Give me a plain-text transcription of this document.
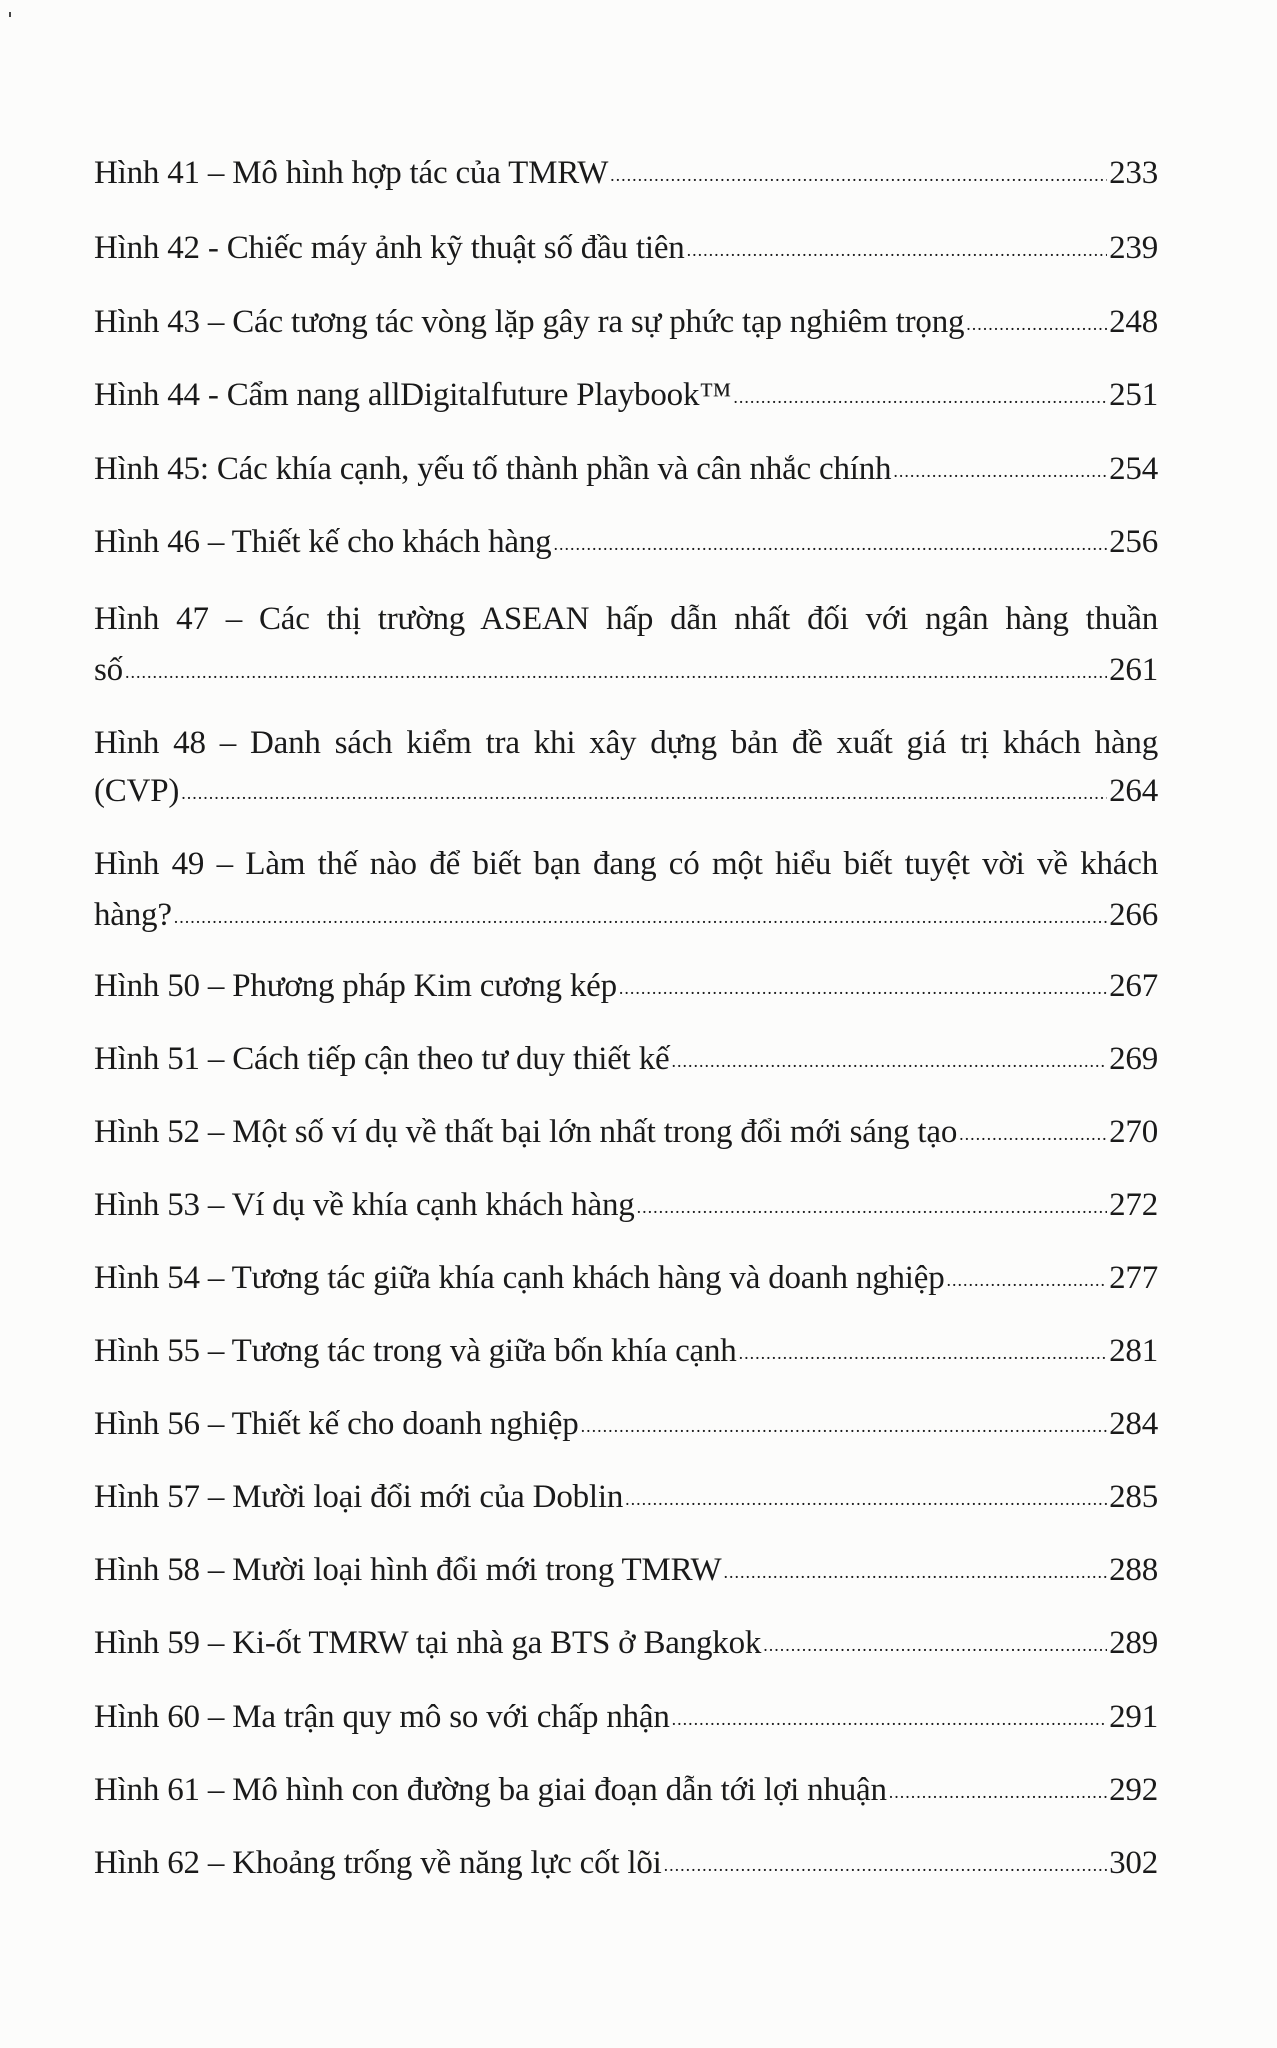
Hình 41 – Mô hình hợp tác của TMRW .....	233
Hình 42 - Chiếc máy ảnh kỹ thuật số đầu tiên .....	239
Hình 43 – Các tương tác vòng lặp gây ra sự phức tạp nghiêm trọng .....	248
Hình 44 - Cẩm nang allDigitalfuture Playbook™ .....	251
Hình 45: Các khía cạnh, yếu tố thành phần và cân nhắc chính .....	254
Hình 46 – Thiết kế cho khách hàng .....	256
Hình 47 – Các thị trường ASEAN hấp dẫn nhất đối với ngân hàng thuần
số .....	261
Hình 48 – Danh sách kiểm tra khi xây dựng bản đề xuất giá trị khách hàng
(CVP) .....	264
Hình 49 – Làm thế nào để biết bạn đang có một hiểu biết tuyệt vời về khách
hàng? .....	266
Hình 50 – Phương pháp Kim cương kép .....	267
Hình 51 – Cách tiếp cận theo tư duy thiết kế .....	269
Hình 52 – Một số ví dụ về thất bại lớn nhất trong đổi mới sáng tạo .....	270
Hình 53 – Ví dụ về khía cạnh khách hàng .....	272
Hình 54 – Tương tác giữa khía cạnh khách hàng và doanh nghiệp .....	277
Hình 55 – Tương tác trong và giữa bốn khía cạnh .....	281
Hình 56 – Thiết kế cho doanh nghiệp .....	284
Hình 57 – Mười loại đổi mới của Doblin .....	285
Hình 58 – Mười loại hình đổi mới trong TMRW .....	288
Hình 59 – Ki-ốt TMRW tại nhà ga BTS ở Bangkok .....	289
Hình 60 – Ma trận quy mô so với chấp nhận .....	291
Hình 61 – Mô hình con đường ba giai đoạn dẫn tới lợi nhuận .....	292
Hình 62 – Khoảng trống về năng lực cốt lõi .....	302
